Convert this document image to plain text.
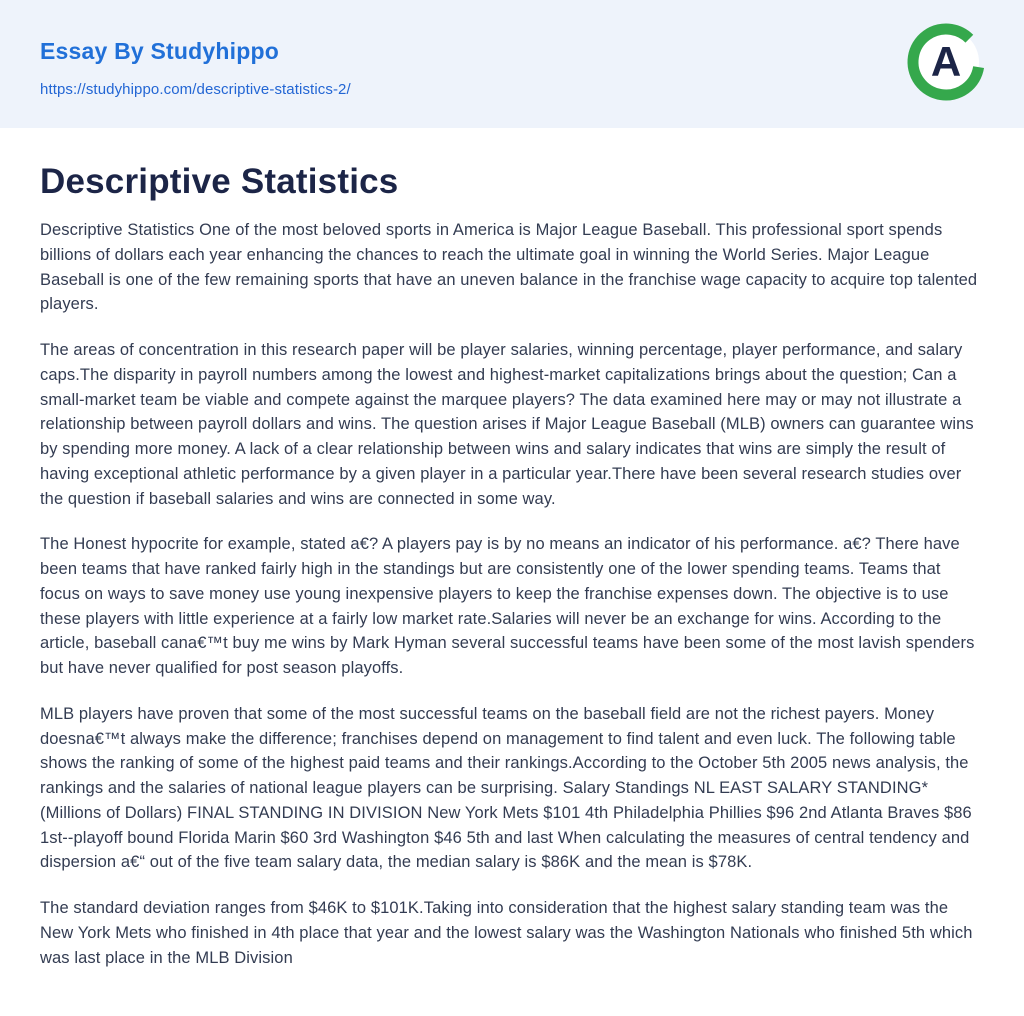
Essay By Studyhippo
https://studyhippo.com/descriptive-statistics-2/
A
Descriptive Statistics

Descriptive Statistics One of the most beloved sports in America is Major League Baseball. This professional sport spends billions of dollars each year enhancing the chances to reach the ultimate goal in winning the World Series. Major League Baseball is one of the few remaining sports that have an uneven balance in the franchise wage capacity to acquire top talented players.

The areas of concentration in this research paper will be player salaries, winning percentage, player performance, and salary caps.The disparity in payroll numbers among the lowest and highest-market capitalizations brings about the question; Can a small-market team be viable and compete against the marquee players? The data examined here may or may not illustrate a relationship between payroll dollars and wins. The question arises if Major League Baseball (MLB) owners can guarantee wins by spending more money. A lack of a clear relationship between wins and salary indicates that wins are simply the result of having exceptional athletic performance by a given player in a particular year.There have been several research studies over the question if baseball salaries and wins are connected in some way.

The Honest hypocrite for example, stated a€? A players pay is by no means an indicator of his performance. a€? There have been teams that have ranked fairly high in the standings but are consistently one of the lower spending teams. Teams that focus on ways to save money use young inexpensive players to keep the franchise expenses down. The objective is to use these players with little experience at a fairly low market rate.Salaries will never be an exchange for wins. According to the article, baseball cana€™t buy me wins by Mark Hyman several successful teams have been some of the most lavish spenders but have never qualified for post season playoffs.

MLB players have proven that some of the most successful teams on the baseball field are not the richest payers. Money doesna€™t always make the difference; franchises depend on management to find talent and even luck. The following table shows the ranking of some of the highest paid teams and their rankings.According to the October 5th 2005 news analysis, the rankings and the salaries of national league players can be surprising. Salary Standings NL EAST SALARY STANDING* (Millions of Dollars) FINAL STANDING IN DIVISION New York Mets $101 4th Philadelphia Phillies $96 2nd Atlanta Braves $86 1st--playoff bound Florida Marin $60 3rd Washington $46 5th and last When calculating the measures of central tendency and dispersion a€“ out of the five team salary data, the median salary is $86K and the mean is $78K.

The standard deviation ranges from $46K to $101K.Taking into consideration that the highest salary standing team was the New York Mets who finished in 4th place that year and the lowest salary was the Washington Nationals who finished 5th which was last place in the MLB Division
